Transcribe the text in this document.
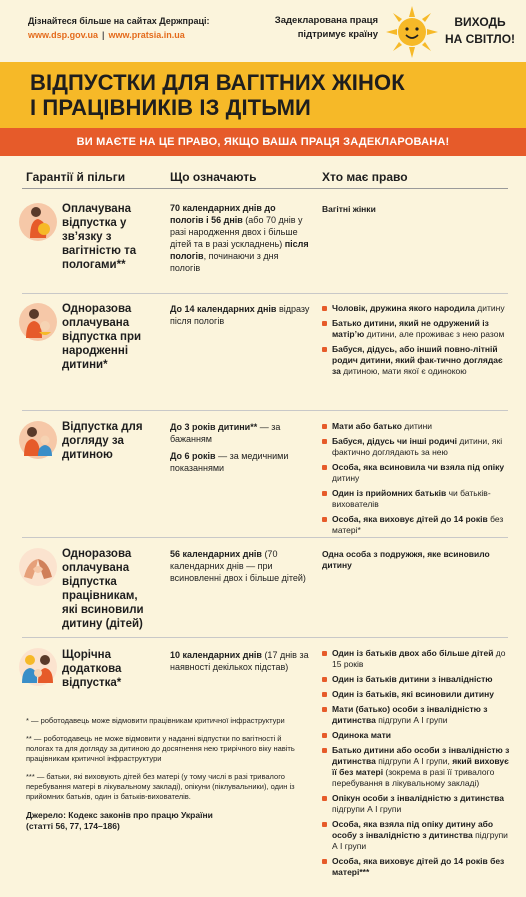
Дізнайтеся більше на сайтах Держпраці:
www.dsp.gov.ua | www.pratsia.in.ua
Задекларована праця
підтримує країну
ВИХОДЬ
НА СВІТЛО!
ВІДПУСТКИ ДЛЯ ВАГІТНИХ ЖІНОК
І ПРАЦІВНИКІВ ІЗ ДІТЬМИ
ВИ МАЄТЕ НА ЦЕ ПРАВО, ЯКЩО ВАША ПРАЦЯ ЗАДЕКЛАРОВАНА!
Гарантії й пільги	Що означають	Хто має право
Оплачувана відпустка у зв’язку з вагітністю та пологами**
70 календарних днів до пологів і 56 днів (або 70 днів у разі народження двох і більше дітей та в разі ускладнень) після пологів, починаючи з дня пологів
Вагітні жінки
Одноразова оплачувана відпустка при народженні дитини*
До 14 календарних днів відразу після пологів
Чоловік, дружина якого народила дитину
Батько дитини, який не одружений із матір’ю дитини, але проживає з нею разом
Бабуся, дідусь, або інший повно-літній родич дитини, який фак-тично доглядає за дитиною, мати якої є одинокою
Відпустка для догляду за дитиною

До 3 років дитини** — за бажанням

До 6 років — за медичними показаннями

Мати або батько дитини
Бабуся, дідусь чи інші родичі дитини, які фактично доглядають за нею
Особа, яка всиновила чи взяла під опіку дитину
Один із прийомних батьків чи батьків-вихователів
Особа, яка виховує дітей до 14 років без матері*
Одноразова оплачувана відпустка працівникам, які всиновили дитину (дітей)
56 календарних днів (70 календарних днів — при всиновленні двох і більше дітей)
Одна особа з подружжя, яке всиновило дитину
Щорічна додаткова відпустка*
10 календарних днів (17 днів за наявності декількох підстав)
Один із батьків двох або більше дітей до 15 років
Один із батьків дитини з інвалідністю
Один із батьків, які всиновили дитину
Мати (батько) особи з інвалідністю з дитинства підгрупи А І групи
Одинока мати
Батько дитини або особи з інвалідністю з дитинства підгрупи А І групи, який виховує її без матері (зокрема в разі її тривалого перебування в лікувальному закладі)
Опікун особи з інвалідністю з дитинства підгрупи А І групи
Особа, яка взяла під опіку дитину або особу з інвалідністю з дитинства підгрупи А І групи
Особа, яка виховує дітей до 14 років без матері***
* — роботодавець може відмовити працівникам критичної інфраструктури
** — роботодавець не може відмовити у наданні відпустки по вагітності й пологах та для догляду за дитиною до досягнення нею трирічного віку навіть працівникам критичної інфраструктури
*** — батьки, які виховують дітей без матері (у тому числі в разі тривалого перебування матері в лікувальному закладі), опікуни (піклувальники), один із прийомних батьків, один із батьків-вихователів.
Джерело: Кодекс законів про працю України
(статті 56, 77, 174–186)
